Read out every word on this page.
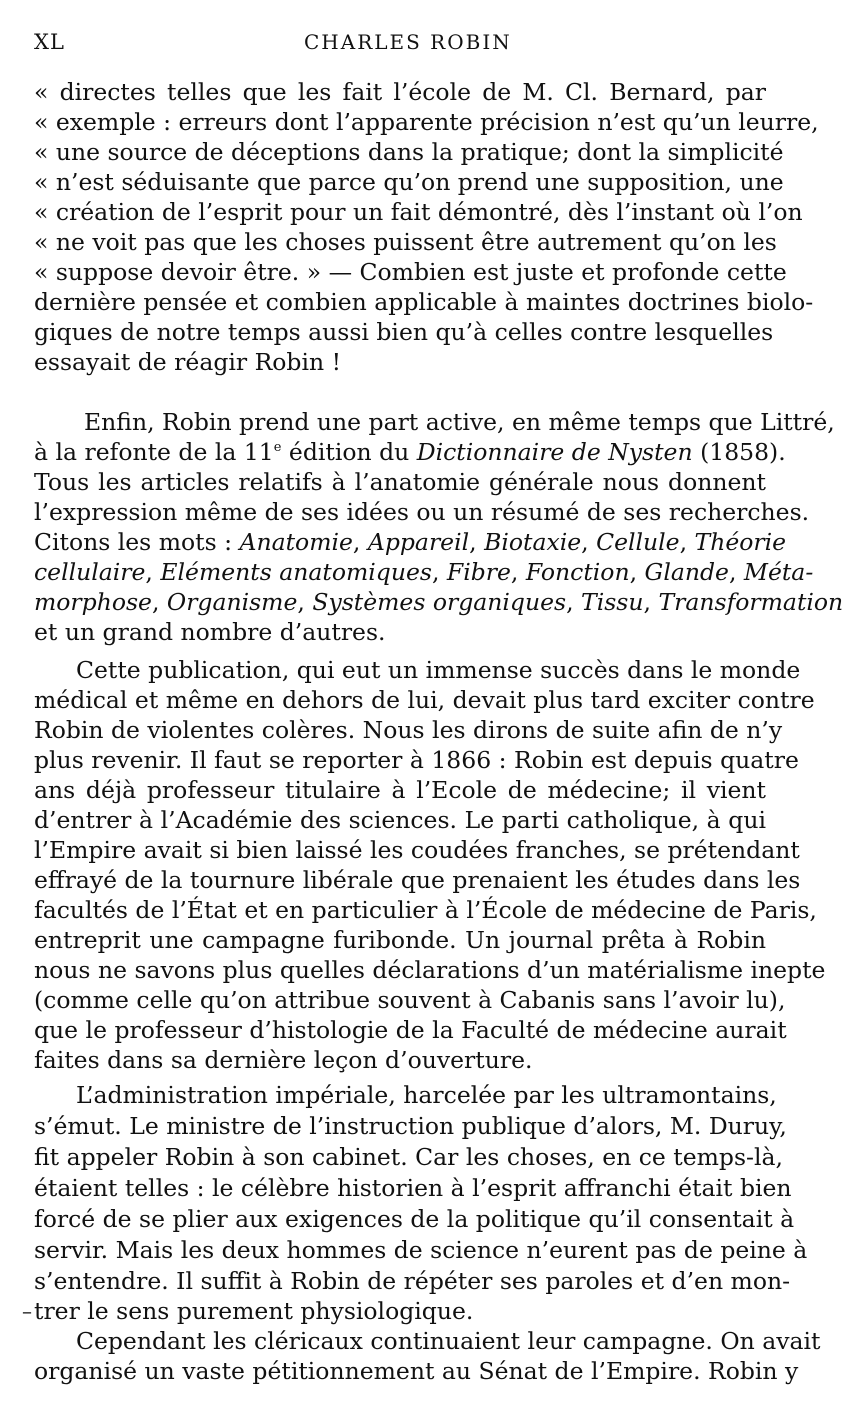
XL	CHARLES ROBIN
« directes telles que les fait l’école de M. Cl. Bernard, par
« exemple : erreurs dont l’apparente précision n’est qu’un leurre,
« une source de déceptions dans la pratique; dont la simplicité
« n’est séduisante que parce qu’on prend une supposition, une
« création de l’esprit pour un fait démontré, dès l’instant où l’on
« ne voit pas que les choses puissent être autrement qu’on les
« suppose devoir être. » — Combien est juste et profonde cette
dernière pensée et combien applicable à maintes doctrines biolo-
giques de notre temps aussi bien qu’à celles contre lesquelles
essayait de réagir Robin !
Enfin, Robin prend une part active, en même temps que Littré,
à la refonte de la 11e édition du Dictionnaire de Nysten (1858).
Tous les articles relatifs à l’anatomie générale nous donnent
l’expression même de ses idées ou un résumé de ses recherches.
Citons les mots : Anatomie, Appareil, Biotaxie, Cellule, Théorie
cellulaire, Eléments anatomiques, Fibre, Fonction, Glande, Méta-
morphose, Organisme, Systèmes organiques, Tissu, Transformation
et un grand nombre d’autres.
Cette publication, qui eut un immense succès dans le monde
médical et même en dehors de lui, devait plus tard exciter contre
Robin de violentes colères. Nous les dirons de suite afin de n’y
plus revenir. Il faut se reporter à 1866 : Robin est depuis quatre
ans déjà professeur titulaire à l’Ecole de médecine; il vient
d’entrer à l’Académie des sciences. Le parti catholique, à qui
l’Empire avait si bien laissé les coudées franches, se prétendant
effrayé de la tournure libérale que prenaient les études dans les
facultés de l’État et en particulier à l’École de médecine de Paris,
entreprit une campagne furibonde. Un journal prêta à Robin
nous ne savons plus quelles déclarations d’un matérialisme inepte
(comme celle qu’on attribue souvent à Cabanis sans l’avoir lu),
que le professeur d’histologie de la Faculté de médecine aurait
faites dans sa dernière leçon d’ouverture.
L’administration impériale, harcelée par les ultramontains,
s’émut. Le ministre de l’instruction publique d’alors, M. Duruy,
fit appeler Robin à son cabinet. Car les choses, en ce temps-là,
étaient telles : le célèbre historien à l’esprit affranchi était bien
forcé de se plier aux exigences de la politique qu’il consentait à
servir. Mais les deux hommes de science n’eurent pas de peine à
s’entendre. Il suffit à Robin de répéter ses paroles et d’en mon-
trer le sens purement physiologique.
Cependant les cléricaux continuaient leur campagne. On avait
organisé un vaste pétitionnement au Sénat de l’Empire. Robin y
–
